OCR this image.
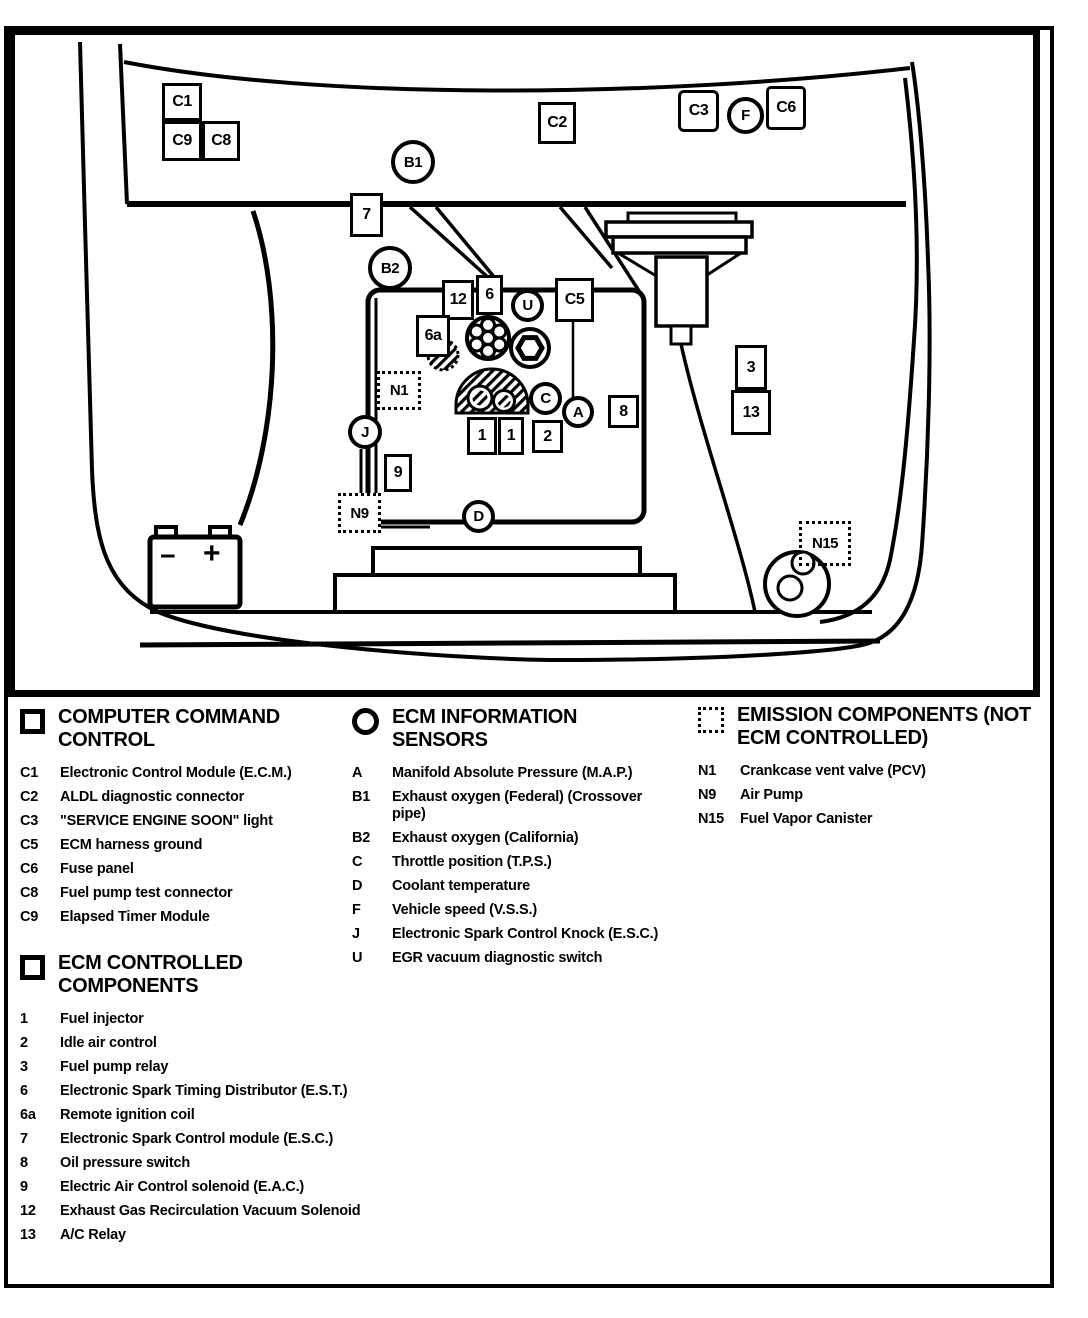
− +
C1
C9	C8
C2
B1
C3	F	C6
7
B2
12	6
U	C5
6a
N1
3
13
C
A	8
1	1	2
J
9
N9	D
N15
COMPUTER COMMAND CONTROL
C1	Electronic Control Module (E.C.M.)
C2	ALDL diagnostic connector
C3	"SERVICE ENGINE SOON" light
C5	ECM harness ground
C6	Fuse panel
C8	Fuel pump test connector
C9	Elapsed Timer Module
ECM INFORMATION SENSORS
A	Manifold Absolute Pressure (M.A.P.)
B1	Exhaust oxygen (Federal) (Crossover pipe)
B2	Exhaust oxygen (California)
C	Throttle position (T.P.S.)
D	Coolant temperature
F	Vehicle speed (V.S.S.)
J	Electronic Spark Control Knock (E.S.C.)
U	EGR vacuum diagnostic switch
EMISSION COMPONENTS (NOT ECM CONTROLLED)
N1	Crankcase vent valve (PCV)
N9	Air Pump
N15	Fuel Vapor Canister
ECM CONTROLLED COMPONENTS
1	Fuel injector
2	Idle air control
3	Fuel pump relay
6	Electronic Spark Timing Distributor (E.S.T.)
6a	Remote ignition coil
7	Electronic Spark Control module (E.S.C.)
8	Oil pressure switch
9	Electric Air Control solenoid (E.A.C.)
12	Exhaust Gas Recirculation Vacuum Solenoid
13	A/C Relay
